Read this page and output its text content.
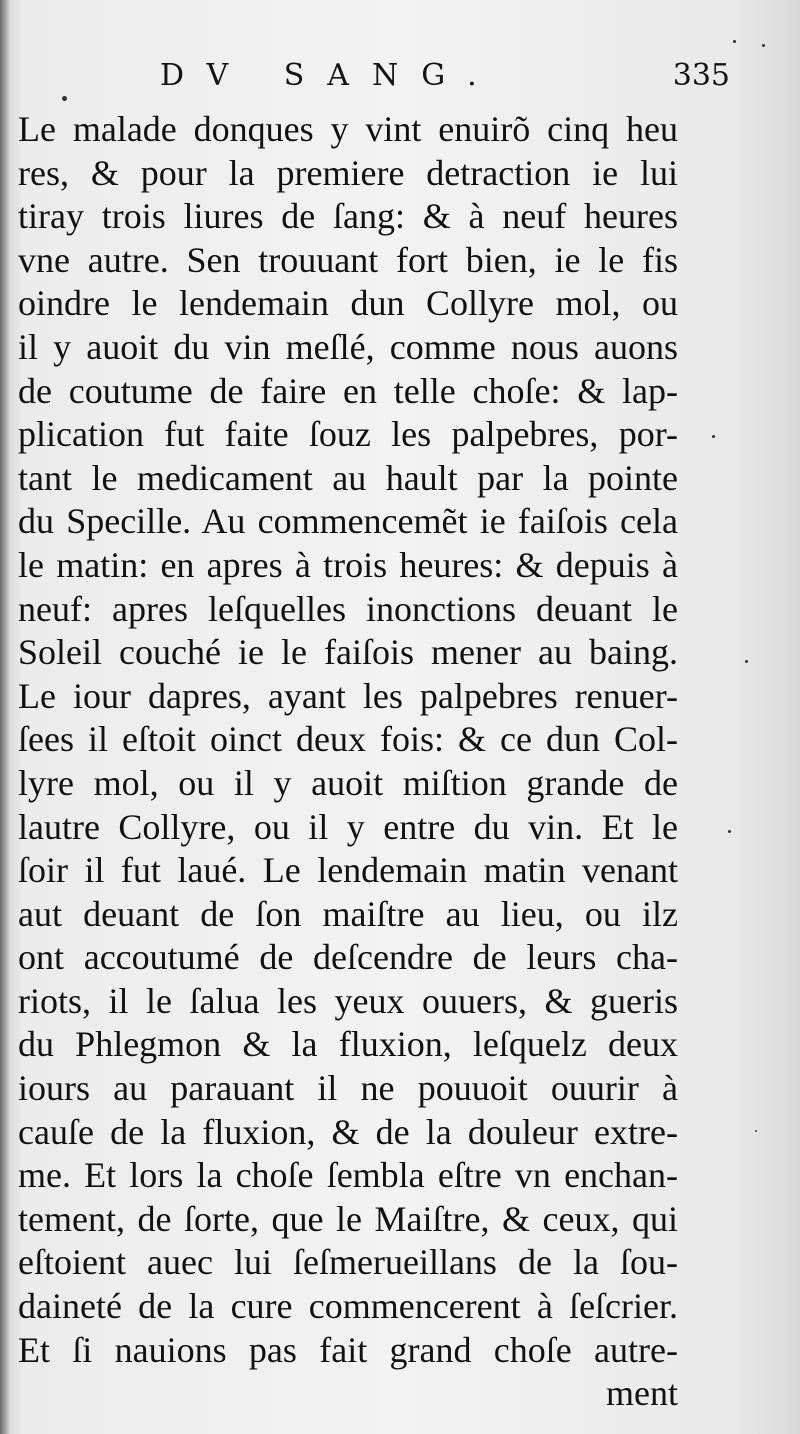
DV SANG.	335
Le malade donques y vint enuirõ cinq heu
res, & pour la premiere detraction ie lui
tiray trois liures de ſang: & à neuf heures
vne autre. Sen trouuant fort bien, ie le fis
oindre le lendemain dun Collyre mol, ou
il y auoit du vin meſlé, comme nous auons
de coutume de faire en telle choſe: & lap-
plication fut faite ſouz les palpebres, por-
tant le medicament au hault par la pointe
du Specille. Au commencemẽt ie faiſois cela
le matin: en apres à trois heures: & depuis à
neuf: apres leſquelles inonctions deuant le
Soleil couché ie le faiſois mener au baing.
Le iour dapres, ayant les palpebres renuer-
ſees il eſtoit oinct deux fois: & ce dun Col-
lyre mol, ou il y auoit miſtion grande de
lautre Collyre, ou il y entre du vin. Et le
ſoir il fut laué. Le lendemain matin venant
aut deuant de ſon maiſtre au lieu, ou ilz
ont accoutumé de deſcendre de leurs cha-
riots, il le ſalua les yeux ouuers, & gueris
du Phlegmon & la fluxion, leſquelz deux
iours au parauant il ne pouuoit ouurir à
cauſe de la fluxion, & de la douleur extre-
me. Et lors la choſe ſembla eſtre vn enchan-
tement, de ſorte, que le Maiſtre, & ceux, qui
eſtoient auec lui ſeſmerueillans de la ſou-
daineté de la cure commencerent à ſeſcrier.
Et ſi nauions pas fait grand choſe autre-
ment
